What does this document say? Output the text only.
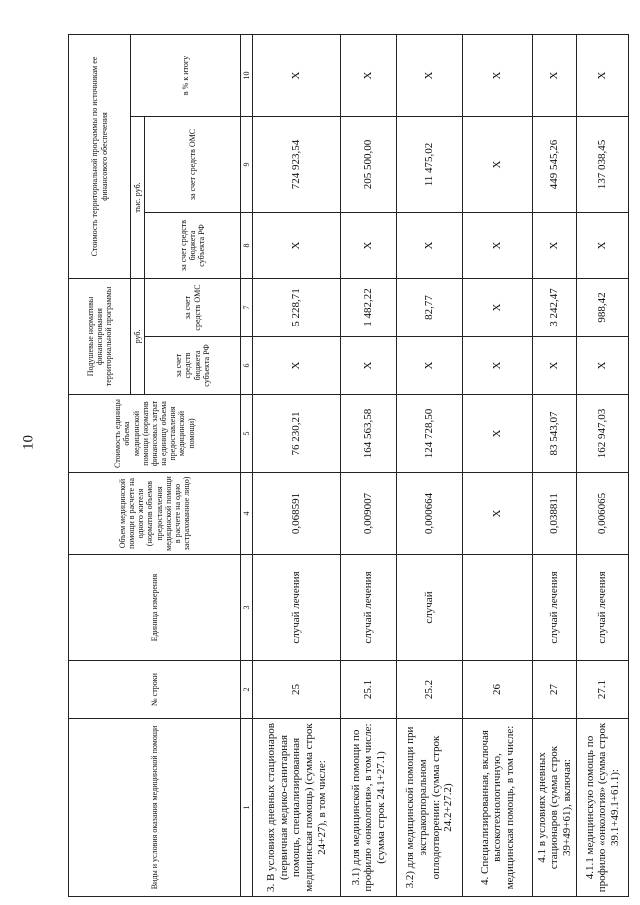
10
Виды и условия оказания медицинской помощи	№ строки	Единица измерения	Объем медицинской помощи в расчете на одного жителя (норматив объемов предоставления медицинской помощи в расчете на одно застрахованное лицо)	Стоимость единицы объема медицинской помощи (норматив финансовых затрат на единицу объема предоставления медицинской помощи)	Подушевые нормативы финансирования территориальной программы		Стоимость территориальной программы по источникам ее финансового обеспечения		
					руб.		тыс. руб.		в % к итогу
					за счет средств бюджета субъекта РФ	за счет средств ОМС	за счет средств бюджета субъекта РФ	за счет средств ОМС	
1	2	3	4	5	6	7	8	9	10
3. В условиях дневных стационаров (первичная медико-санитарная помощь, специализированная медицинская помощь) (сумма строк 24+27), в том числе:	25	случай лечения	0,068591	76 230,21	X	5 228,71	X	724 923,54	X
3.1) для медицинской помощи по профилю «онкология», в том числе: (сумма строк 24.1+27.1)	25.1	случай лечения	0,009007	164 563,58	X	1 482,22	X	205 500,00	X
3.2) для медицинской помощи при экстракорпоральном оплодотворении: (сумма строк 24.2+27.2)	25.2	случай	0,000664	124 728,50	X	82,77	X	11 475,02	X
4. Специализированная, включая высокотехнологичную, медицинская помощь, в том числе:	26		X	X	X	X	X	X	X
4.1 в условиях дневных стационаров (сумма строк 39+49+61), включая:	27	случай лечения	0,038811	83 543,07	X	3 242,47	X	449 545,26	X
4.1.1 медицинскую помощь по профилю «онкология» (сумма строк 39.1+49.1+61.1):	27.1	случай лечения	0,006065	162 947,03	X	988,42	X	137 038,45	X
